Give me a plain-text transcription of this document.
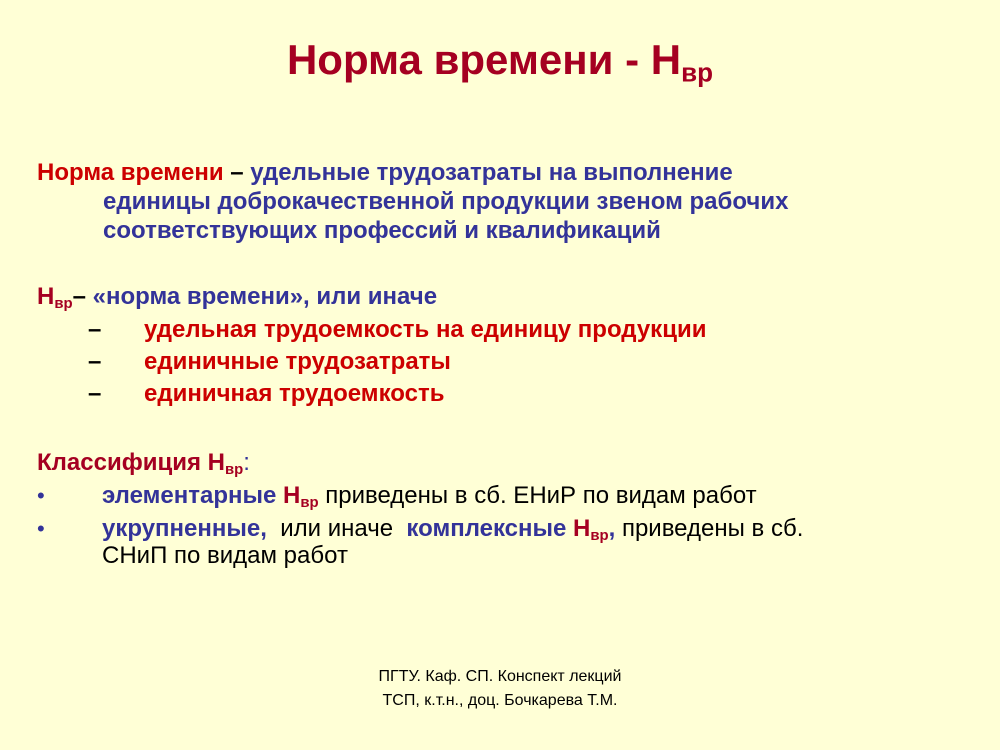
Норма времени - $Н_{вр}$
Норма времени – удельные трудозатраты на выполнение
единицы доброкачественной продукции звеном рабочих
соответствующих профессий и квалификаций
$Н_{вр}-$ «норма времени», или иначе
– удельная трудоемкость на единицу продукции
– единичные трудозатраты
– единичная трудоемкость
Классифиция $Н_{вр}$:
• элементарные $Н_{вр}$ приведены в сб. ЕНиР по видам работ
• укрупненные,  или иначе  комплексные $Н_{вр}$, приведены в сб.
СНиП по видам работ
ПГТУ. Каф. СП. Конспект лекций
ТСП, к.т.н., доц. Бочкарева Т.М.
